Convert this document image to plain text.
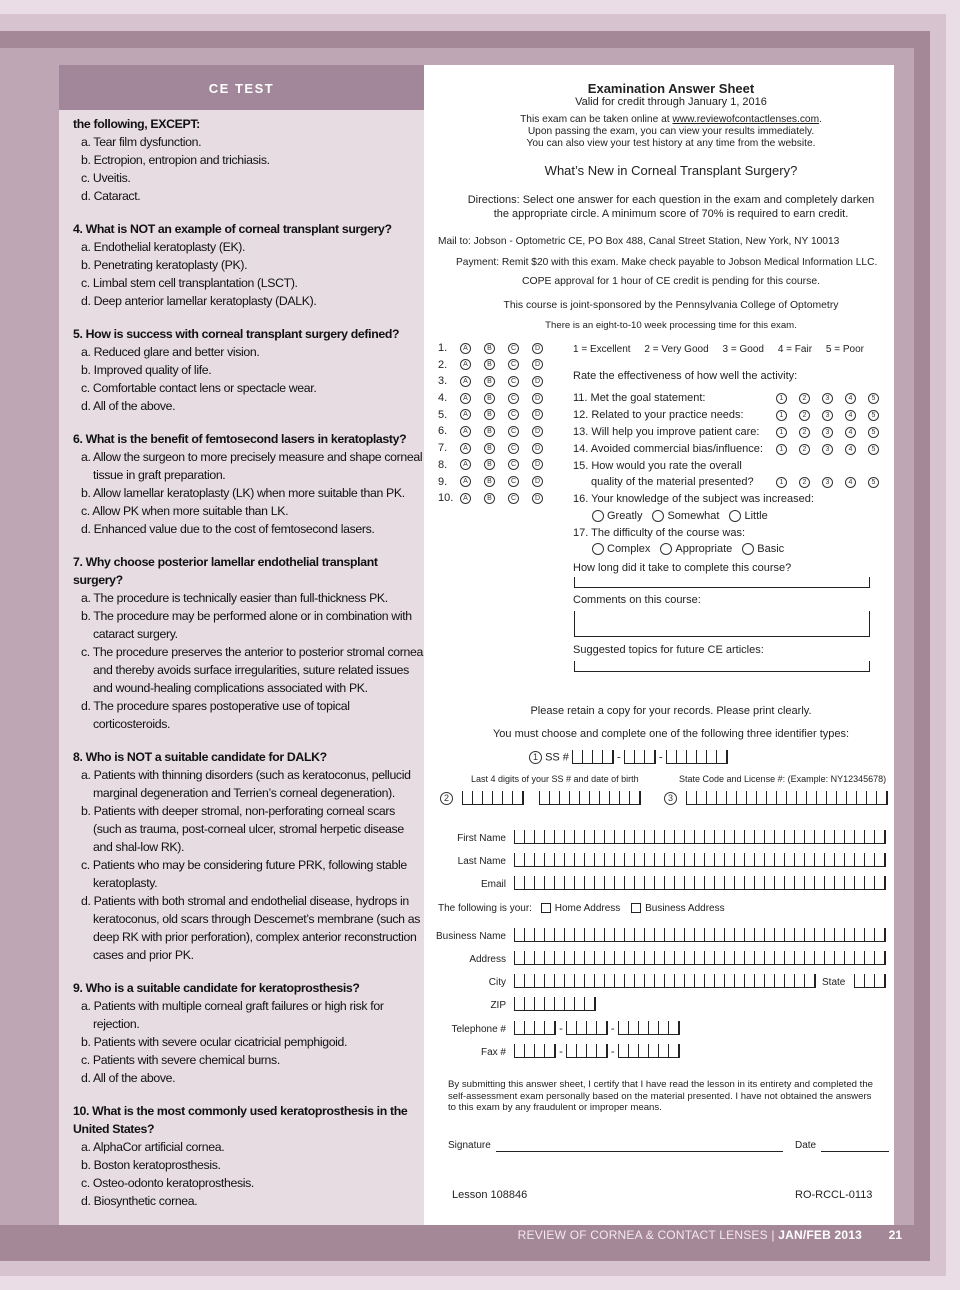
CE TEST
the following, EXCEPT:
a. Tear film dysfunction.
b. Ectropion, entropion and trichiasis.
c. Uveitis.
d. Cataract.
4. What is NOT an example of corneal transplant surgery?
a. Endothelial keratoplasty (EK).
b. Penetrating keratoplasty (PK).
c. Limbal stem cell transplantation (LSCT).
d. Deep anterior lamellar keratoplasty (DALK).
5. How is success with corneal transplant surgery defined?
a. Reduced glare and better vision.
b. Improved quality of life.
c. Comfortable contact lens or spectacle wear.
d. All of the above.
6. What is the benefit of femtosecond lasers in keratoplasty?
a. Allow the surgeon to more precisely measure and shape corneal tissue in graft preparation.
b. Allow lamellar keratoplasty (LK) when more suitable than PK.
c. Allow PK when more suitable than LK.
d. Enhanced value due to the cost of femtosecond lasers.
7. Why choose posterior lamellar endothelial transplant surgery?
a. The procedure is technically easier than full-thickness PK.
b. The procedure may be performed alone or in combination with cataract surgery.
c. The procedure preserves the anterior to posterior stromal cornea and thereby avoids surface irregularities, suture related issues and wound-healing complications associated with PK.
d. The procedure spares postoperative use of topical corticosteroids.
8. Who is NOT a suitable candidate for DALK?
a. Patients with thinning disorders (such as keratoconus, pellucid marginal degeneration and Terrien’s corneal degeneration).
b. Patients with deeper stromal, non-perforating corneal scars (such as trauma, post-corneal ulcer, stromal herpetic disease and shal-low RK).
c. Patients who may be considering future PRK, following stable keratoplasty.
d. Patients with both stromal and endothelial disease, hydrops in keratoconus, old scars through Descemet’s membrane (such as deep RK with prior perforation), complex anterior reconstruction cases and prior PK.
9. Who is a suitable candidate for keratoprosthesis?
a. Patients with multiple corneal graft failures or high risk for rejection.
b. Patients with severe ocular cicatricial pemphigoid.
c. Patients with severe chemical burns.
d. All of the above.
10. What is the most commonly used keratoprosthesis in the United States?
a. AlphaCor artificial cornea.
b. Boston keratoprosthesis.
c. Osteo-odonto keratoprosthesis.
d. Biosynthetic cornea.
Examination Answer Sheet
Valid for credit through January 1, 2016
This exam can be taken online at www.reviewofcontactlenses.com.
Upon passing the exam, you can view your results immediately.
You can also view your test history at any time from the website.
What’s New in Corneal Transplant Surgery?
Directions: Select one answer for each question in the exam and completely darken
the appropriate circle. A minimum score of 70% is required to earn credit.
Mail to: Jobson - Optometric CE, PO Box 488, Canal Street Station, New York, NY 10013
Payment: Remit $20 with this exam. Make check payable to Jobson Medical Information LLC.
COPE approval for 1 hour of CE credit is pending for this course.
This course is joint-sponsored by the Pennsylvania College of Optometry
There is an eight-to-10 week processing time for this exam.
1. A	B	C	D
2. A	B	C	D
3. A	B	C	D
4. A	B	C	D
5. A	B	C	D
6. A	B	C	D
7. A	B	C	D
8. A	B	C	D
9. A	B	C	D
10. A	B	C	D
1 = Excellent     2 = Very Good     3 = Good     4 = Fair     5 = Poor
Rate the effectiveness of how well the activity:
11. Met the goal statement:	1	2	3	4	5
12. Related to your practice needs:	1	2	3	4	5
13. Will help you improve patient care:	1	2	3	4	5
14. Avoided commercial bias/influence:	1	2	3	4	5
15. How would you rate the overall
quality of the material presented?	1	2	3	4	5
16. Your knowledge of the subject was increased:
Greatly Somewhat Little
17. The difficulty of the course was:
Complex Appropriate Basic
How long did it take to complete this course?
Comments on this course:
Suggested topics for future CE articles:
Please retain a copy for your records. Please print clearly.
You must choose and complete one of the following three identifier types:
1 SS #	-	-
Last 4 digits of your SS # and date of birth	State Code and License #: (Example: NY12345678)
2	3
First Name
Last Name
Email
The following is your: Home Address Business Address
Business Name
Address
City	State
ZIP
Telephone #	-	-
Fax #	-	-
By submitting this answer sheet, I certify that I have read the lesson in its entirety and completed the self-assessment exam personally based on the material presented. I have not obtained the answers to this exam by any fraudulent or improper means.
Signature	Date
Lesson 108846	RO-RCCL-0113
REVIEW OF CORNEA & CONTACT LENSES | JAN/FEB 2013 21
